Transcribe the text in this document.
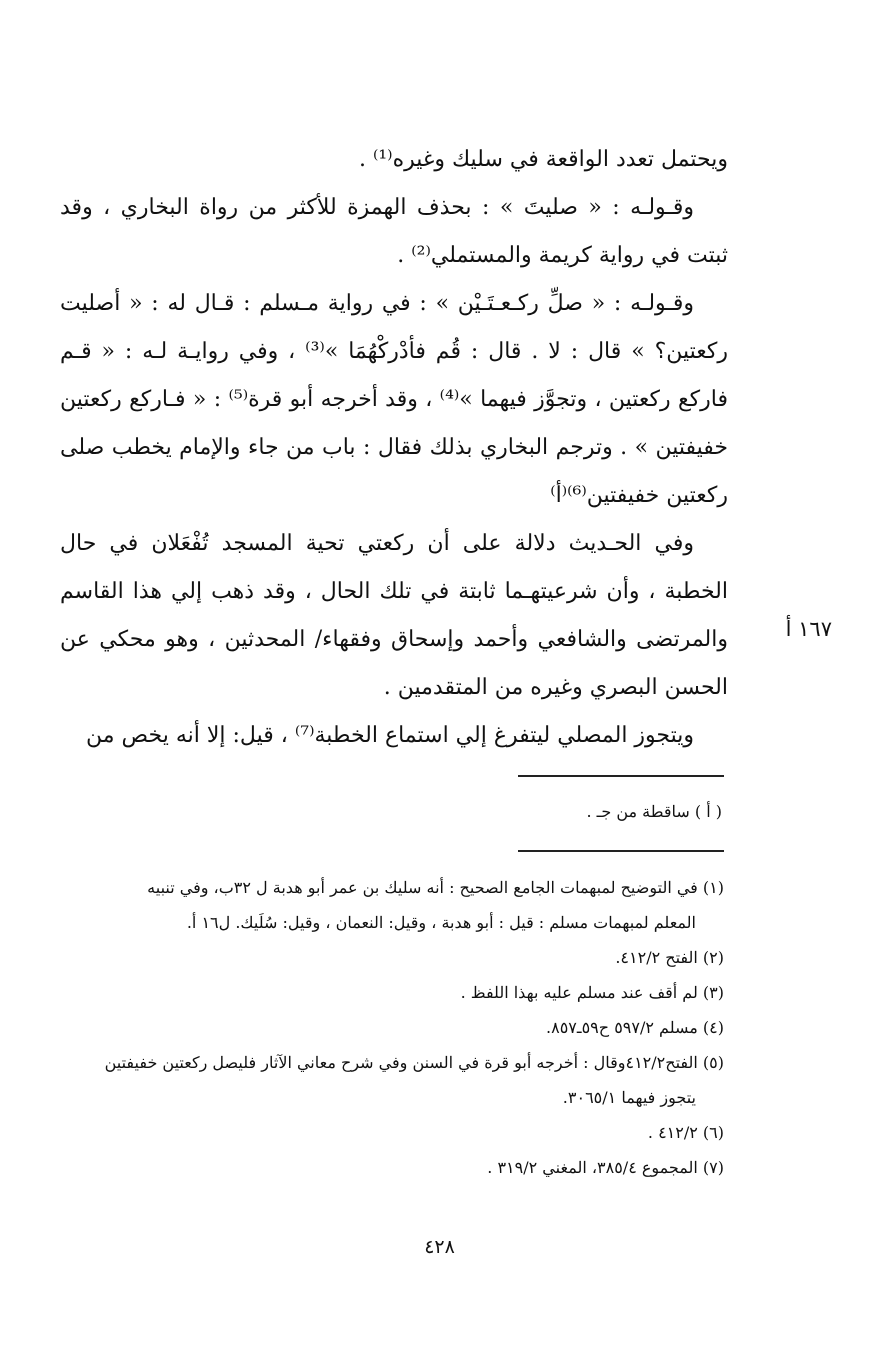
ويحتمل تعدد الواقعة في سليك وغيره⁽¹⁾ .

وقـولـه : « صليتَ » : بحذف الهمزة للأكثر من رواة البخاري ، وقد ثبتت في رواية كريمة والمستملي⁽²⁾ .

وقـولـه : « صلِّ ركـعـتَـيْن » : في رواية مـسلم : قـال له : « أصليت ركعتين؟ » قال : لا . قال : قُم فأدْركْهُمَا »⁽³⁾ ، وفي روايـة لـه : « قـم فاركع ركعتين ، وتجوَّز فيهما »⁽⁴⁾ ، وقد أخرجه أبو قرة⁽⁵⁾ : « فـاركع ركعتين خفيفتين » . وترجم البخاري بذلك فقال : باب من جاء والإمام يخطب صلى ركعتين خفيفتين⁽⁶⁾⁽أ⁾

وفي الحـديث دلالة على أن ركعتي تحية المسجد تُفْعَلان في حال الخطبة ، وأن شرعيتهـما ثابتة في تلك الحال ، وقد ذهب إلي هذا القاسم والمرتضى والشافعي وأحمد وإسحاق وفقهاء/ المحدثين ، وهو محكي عن الحسن البصري وغيره من المتقدمين .

ويتجوز المصلي ليتفرغ إلي استماع الخطبة⁽⁷⁾ ، قيل: إلا أنه يخص من

١٦٧ أ
( أ ) ساقطة من جـ .
(١) في التوضيح لمبهمات الجامع الصحيح : أنه سليك بن عمر أبو هدبة ل ٣٢ب، وفي تنبيه
المعلم لمبهمات مسلم : قيل : أبو هدبة ، وقيل: النعمان ، وقيل: سُلَيك. ل١٦ أ.
(٢) الفتح ٤١٢/٢.
(٣) لم أقف عند مسلم عليه بهذا اللفظ .
(٤) مسلم ٥٩٧/٢ ح٥٩ـ٨٥٧.
(٥) الفتح٤١٢/٢وقال : أخرجه أبو قرة في السنن وفي شرح معاني الآثار فليصل ركعتين خفيفتين
يتجوز فيهما ٣٠٦٥/١.
(٦) ٤١٢/٢ .
(٧) المجموع ٣٨٥/٤، المغني ٣١٩/٢ .
٤٢٨
